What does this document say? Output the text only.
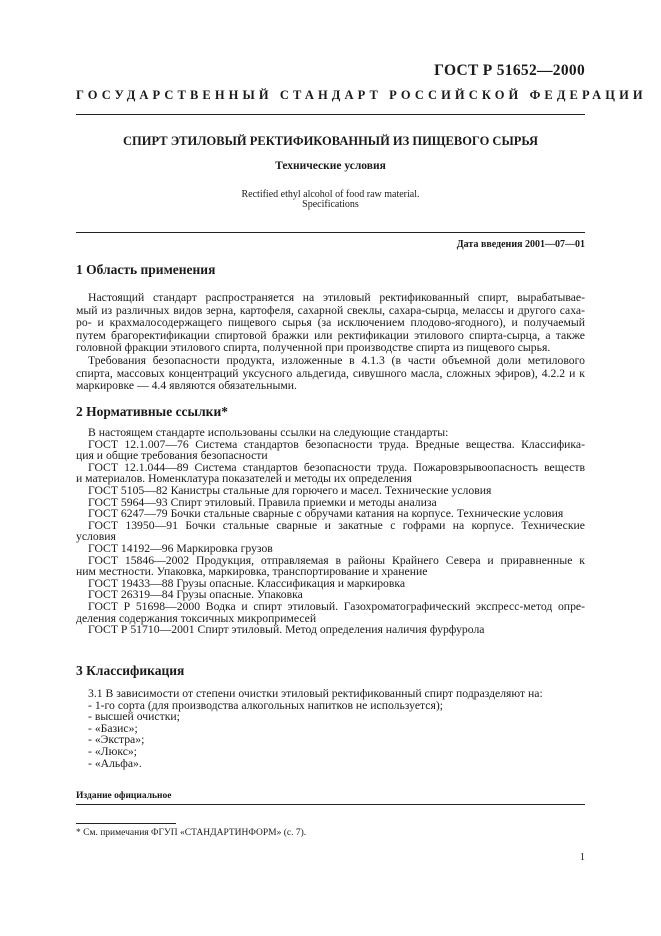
ГОСТ Р 51652—2000
ГОСУДАРСТВЕННЫЙ СТАНДАРТ РОССИЙСКОЙ ФЕДЕРАЦИИ
СПИРТ ЭТИЛОВЫЙ РЕКТИФИКОВАННЫЙ ИЗ ПИЩЕВОГО СЫРЬЯ
Технические условия
Rectified ethyl alcohol of food raw material.
Specifications
Дата введения 2001—07—01
1 Область применения
Настоящий стандарт распространяется на этиловый ректификованный спирт, вырабатывае-
мый из различных видов зерна, картофеля, сахарной свеклы, сахара-сырца, мелассы и другого саха-
ро- и крахмалосодержащего пищевого сырья (за исключением плодово-ягодного), и получаемый
путем брагоректификации спиртовой бражки или ректификации этилового спирта-сырца, а также
головной фракции этилового спирта, полученной при производстве спирта из пищевого сырья.
Требования безопасности продукта, изложенные в 4.1.3 (в части объемной доли метилового
спирта, массовых концентраций уксусного альдегида, сивушного масла, сложных эфиров), 4.2.2 и к
маркировке — 4.4 являются обязательными.
В настоящем стандарте использованы ссылки на следующие стандарты:
ГОСТ 12.1.007—76 Система стандартов безопасности труда. Вредные вещества. Классифика-
ция и общие требования безопасности
ГОСТ 12.1.044—89 Система стандартов безопасности труда. Пожаровзрывоопасность веществ
и материалов. Номенклатура показателей и методы их определения
ГОСТ 5105—82 Канистры стальные для горючего и масел. Технические условия
ГОСТ 5964—93 Спирт этиловый. Правила приемки и методы анализа
ГОСТ 6247—79 Бочки стальные сварные с обручами катания на корпусе. Технические условия
ГОСТ 13950—91 Бочки стальные сварные и закатные с гофрами на корпусе. Технические
условия
ГОСТ 14192—96 Маркировка грузов
ГОСТ 15846—2002 Продукция, отправляемая в районы Крайнего Севера и приравненные к
ним местности. Упаковка, маркировка, транспортирование и хранение
ГОСТ 19433—88 Грузы опасные. Классификация и маркировка
ГОСТ 26319—84 Грузы опасные. Упаковка
ГОСТ Р 51698—2000 Водка и спирт этиловый. Газохроматографический экспресс-метод опре-
деления содержания токсичных микропримесей
ГОСТ Р 51710—2001 Спирт этиловый. Метод определения наличия фурфурола
3.1 В зависимости от степени очистки этиловый ректификованный спирт подразделяют на:
- 1-го сорта (для производства алкогольных напитков не используется);
- высшей очистки;
- «Базис»;
- «Экстра»;
- «Люкс»;
- «Альфа».
2 Нормативные ссылки*
3 Классификация
Издание официальное
* См. примечания ФГУП «СТАНДАРТИНФОРМ» (с. 7).
1
